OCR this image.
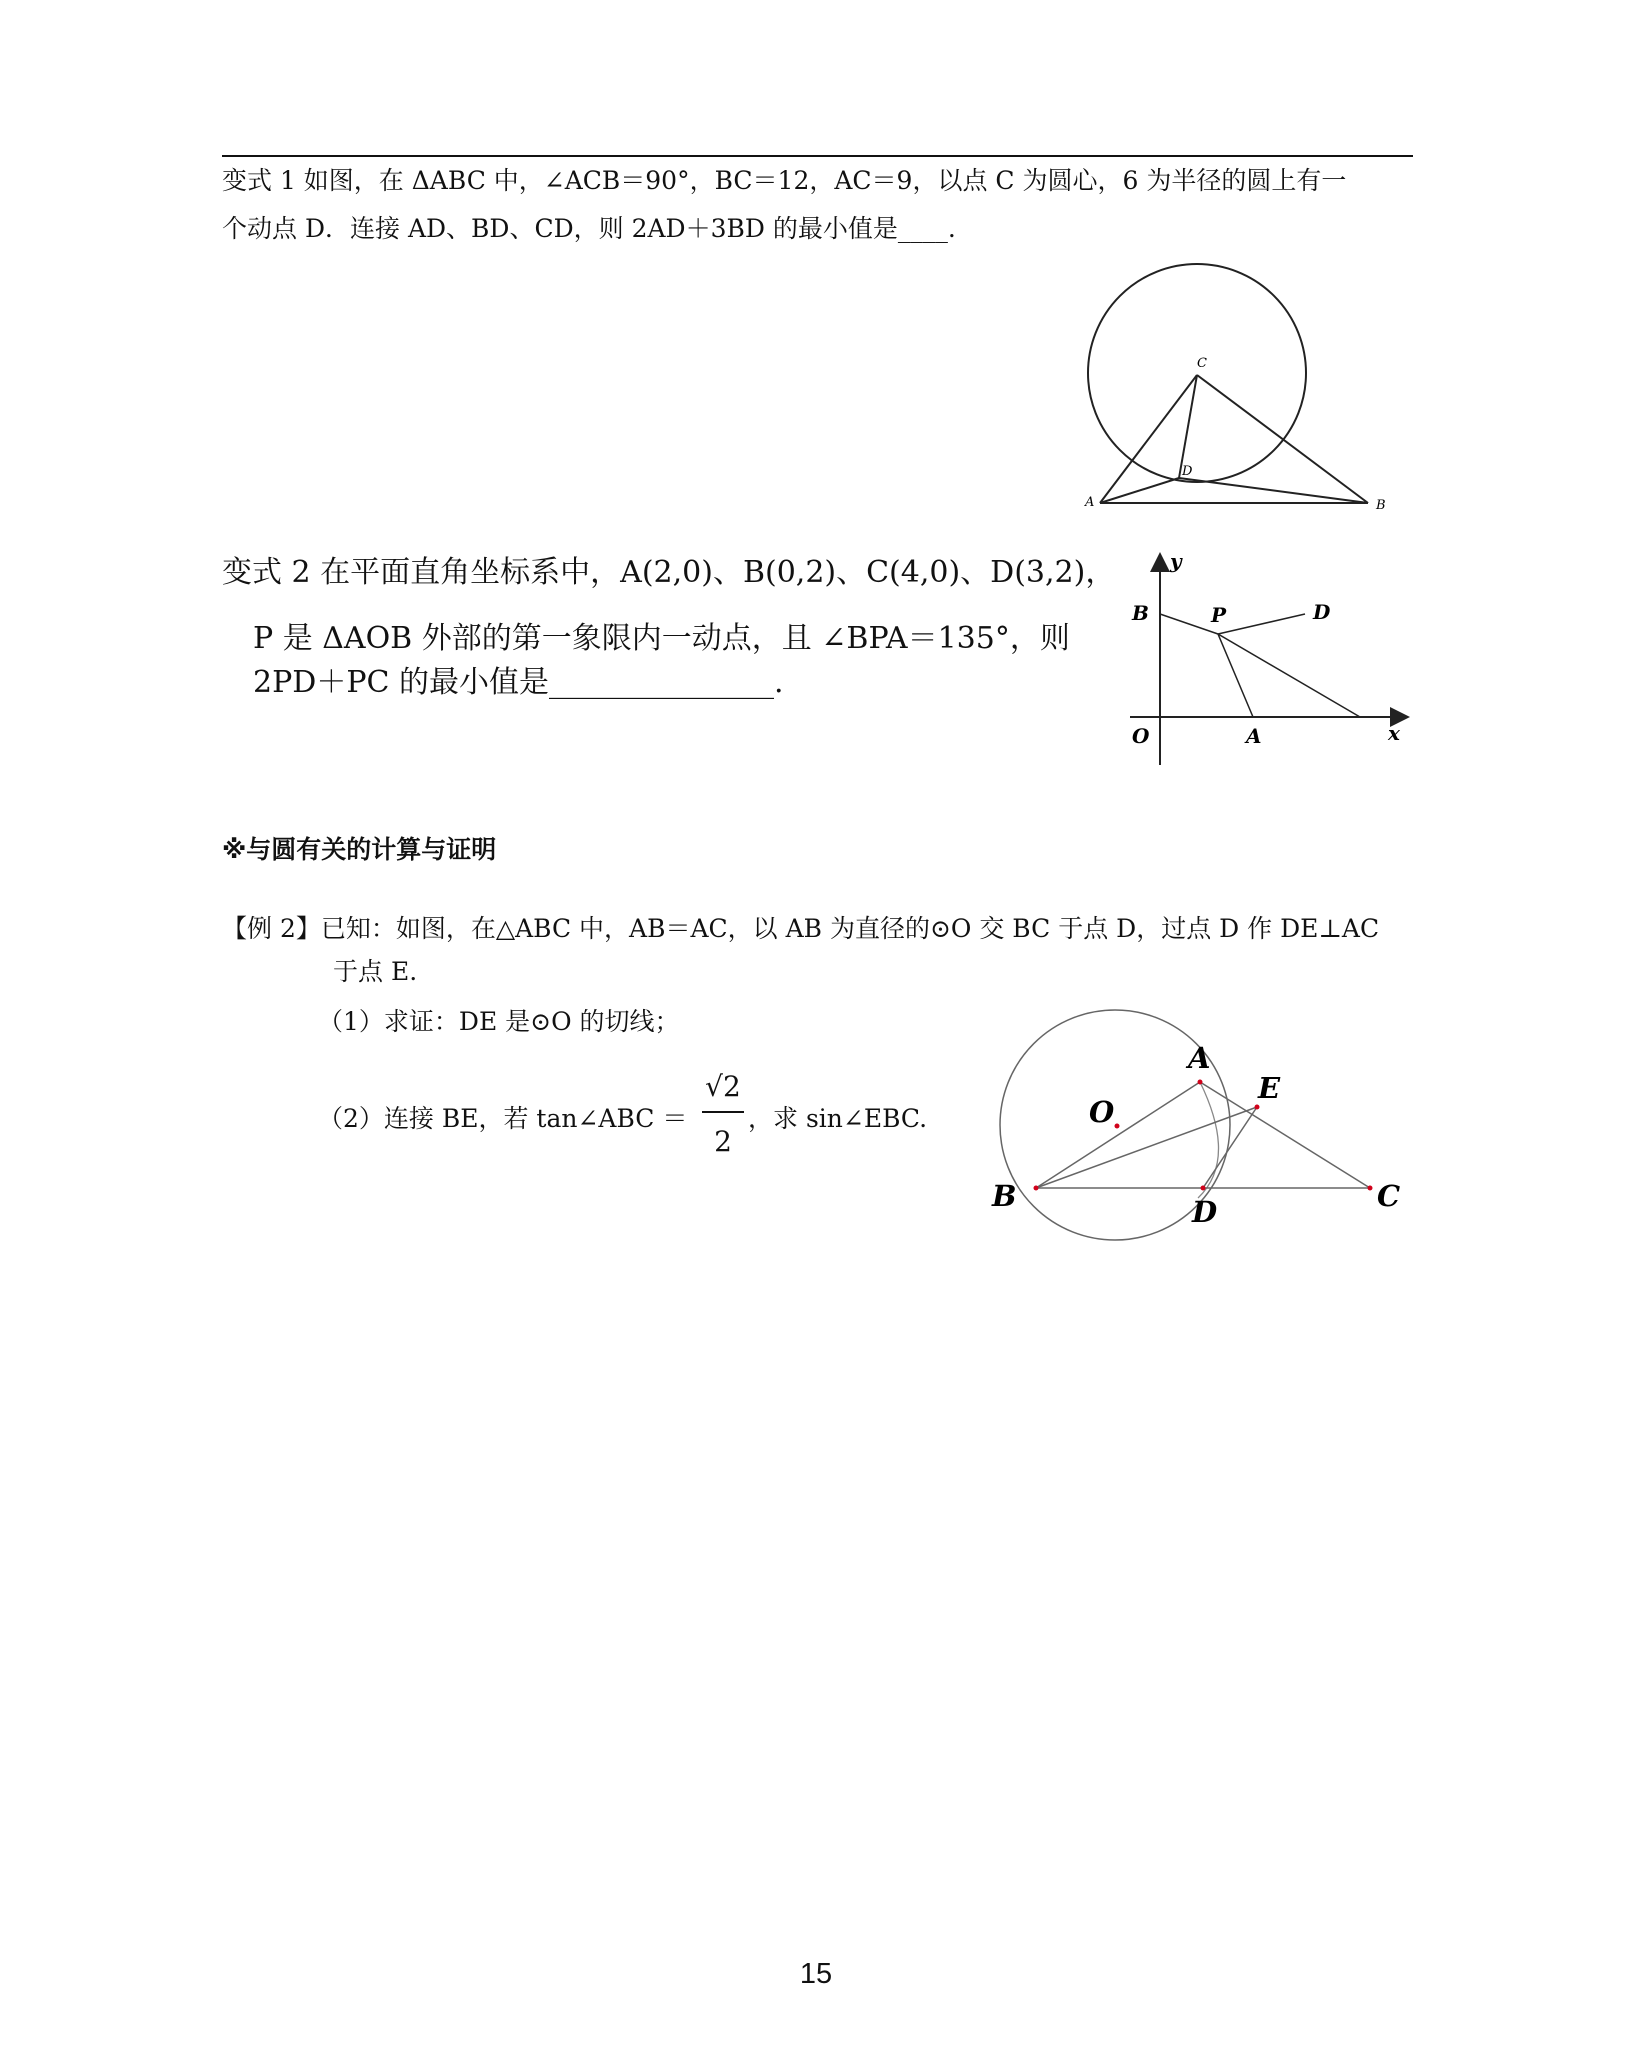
变式 1 如图，在 ΔABC 中，∠ACB＝90°，BC＝12，AC＝9，以点 C 为圆心，6 为半径的圆上有一
个动点 D．连接 AD、BD、CD，则 2AD＋3BD 的最小值是____.
C
D
A	B
变式 2 在平面直角坐标系中，A(2,0)、B(0,2)、C(4,0)、D(3,2)，
P 是 ΔAOB 外部的第一象限内一动点，且 ∠BPA＝135°，则
2PD＋PC 的最小值是_______________.
y
B	P	D
O	A	x
※与圆有关的计算与证明
【例 2】已知：如图，在△ABC 中，AB＝AC，以 AB 为直径的⊙O 交 BC 于点 D，过点 D 作 DE⊥AC
于点 E.
（1）求证：DE 是⊙O 的切线；
（2）连接 BE，若 tan∠ABC ＝
√2
2
，求 sin∠EBC.
A
E
O
B	D	C
15
